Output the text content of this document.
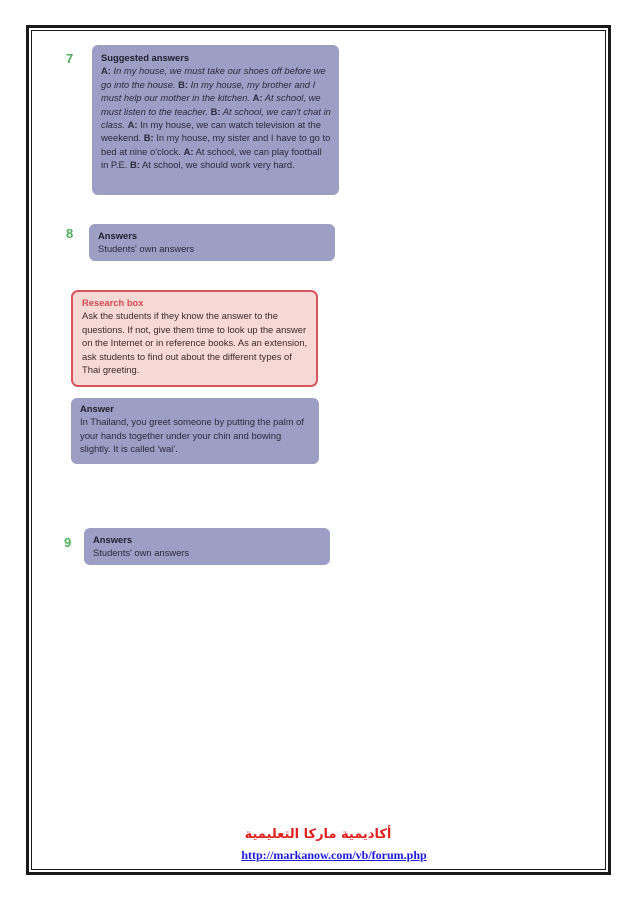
7	Suggested answers
A: In my house, we must take our shoes off before we go into the house. B: In my house, my brother and I must help our mother in the kitchen. A: At school, we must listen to the teacher. B: At school, we can't chat in class. A: In my house, we can watch television at the weekend. B: In my house, my sister and I have to go to bed at nine o'clock. A: At school, we can play football in P.E. B: At school, we should work very hard.
8	Answers
Students' own answers
Research box
Ask the students if they know the answer to the questions. If not, give them time to look up the answer on the Internet or in reference books. As an extension, ask students to find out about the different types of Thai greeting.
Answer
In Thailand, you greet someone by putting the palm of your hands together under your chin and bowing slightly. It is called 'wai'.
9 Answers
Students' own answers
أكاديمية ماركا التعليمية
http://markanow.com/vb/forum.php
